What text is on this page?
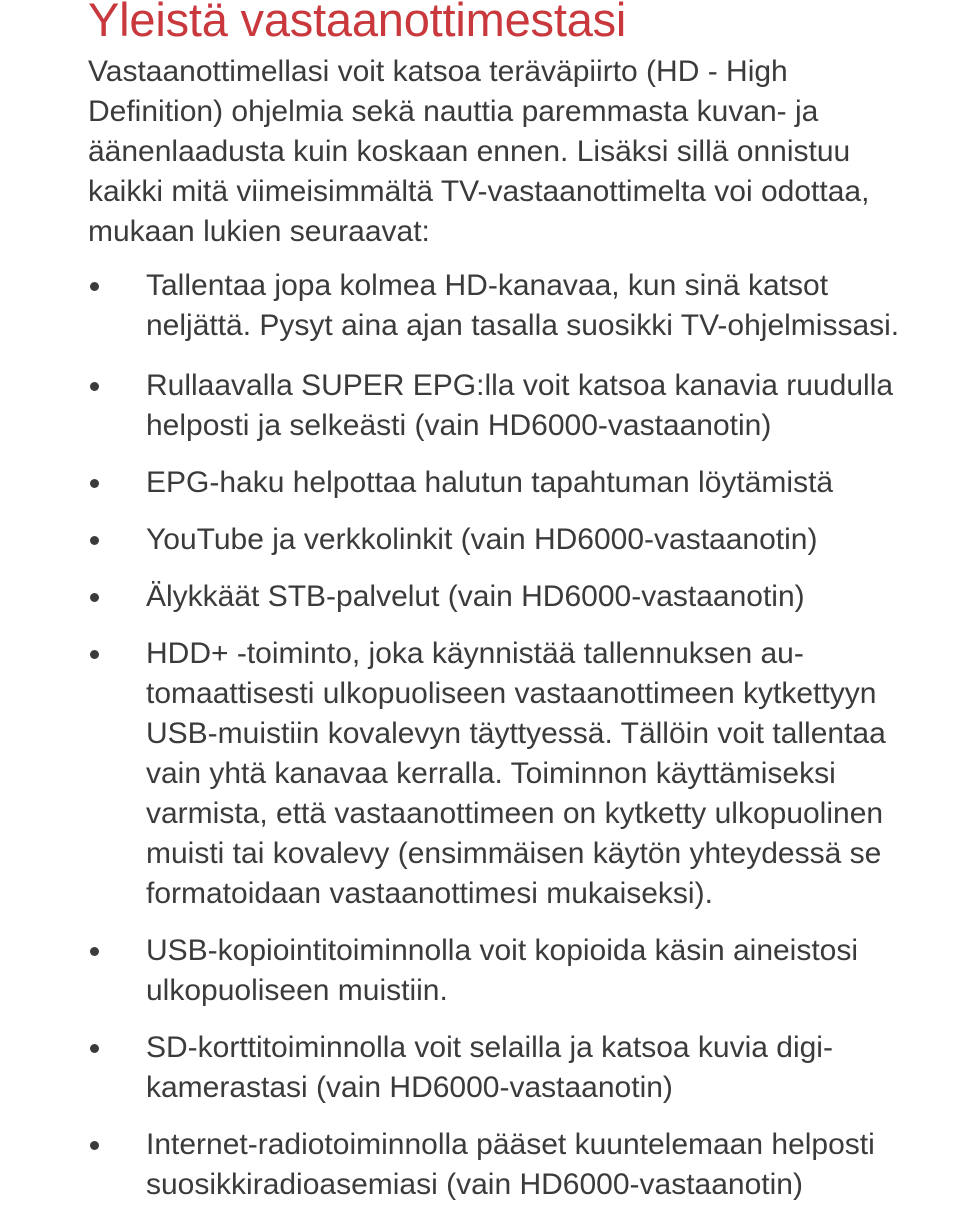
Yleistä vastaanottimestasi

Vastaanottimellasi voit katsoa teräväpiirto (HD - High
Definition) ohjelmia sekä nauttia paremmasta kuvan- ja
äänenlaadusta kuin koskaan ennen. Lisäksi sillä onnistuu
kaikki mitä viimeisimmältä TV-vastaanottimelta voi odottaa,
mukaan lukien seuraavat:

Tallentaa jopa kolmea HD-kanavaa, kun sinä katsot
neljättä. Pysyt aina ajan tasalla suosikki TV-ohjelmissasi.
Rullaavalla SUPER EPG:lla voit katsoa kanavia ruudulla
helposti ja selkeästi (vain HD6000-vastaanotin)
EPG-haku helpottaa halutun tapahtuman löytämistä
YouTube ja verkkolinkit (vain HD6000-vastaanotin)
Älykkäät STB-palvelut (vain HD6000-vastaanotin)
HDD+ -toiminto, joka käynnistää tallennuksen au-
tomaattisesti ulkopuoliseen vastaanottimeen kytkettyyn
USB-muistiin kovalevyn täyttyessä. Tällöin voit tallentaa
vain yhtä kanavaa kerralla. Toiminnon käyttämiseksi
varmista, että vastaanottimeen on kytketty ulkopuolinen
muisti tai kovalevy (ensimmäisen käytön yhteydessä se
formatoidaan vastaanottimesi mukaiseksi).
USB-kopiointitoiminnolla voit kopioida käsin aineistosi
ulkopuoliseen muistiin.
SD-korttitoiminnolla voit selailla ja katsoa kuvia digi-
kamerastasi (vain HD6000-vastaanotin)
Internet-radiotoiminnolla pääset kuuntelemaan helposti
suosikkiradioasemiasi (vain HD6000-vastaanotin)
